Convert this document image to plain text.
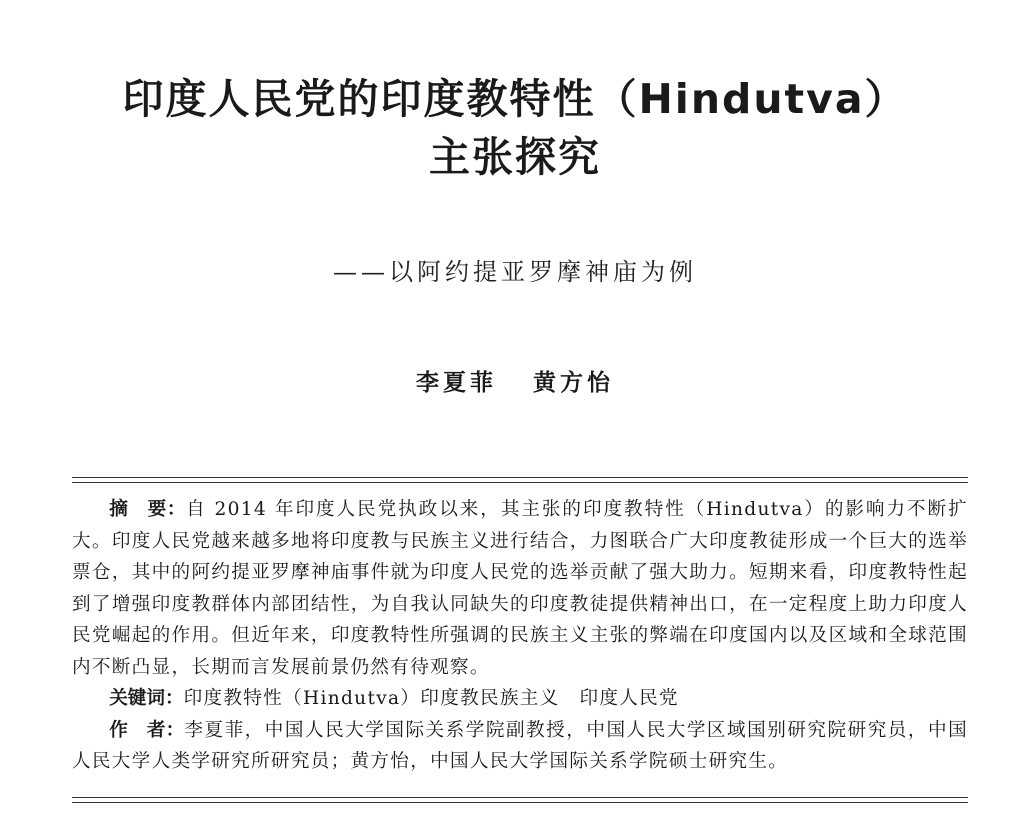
印度人民党的印度教特性（Hindutva）
主张探究
——以阿约提亚罗摩神庙为例
李夏菲 黄方怡

摘　要：自 2014 年印度人民党执政以来，其主张的印度教特性（Hindutva）的影响力不断扩大。印度人民党越来越多地将印度教与民族主义进行结合，力图联合广大印度教徒形成一个巨大的选举票仓，其中的阿约提亚罗摩神庙事件就为印度人民党的选举贡献了强大助力。短期来看，印度教特性起到了增强印度教群体内部团结性，为自我认同缺失的印度教徒提供精神出口，在一定程度上助力印度人民党崛起的作用。但近年来，印度教特性所强调的民族主义主张的弊端在印度国内以及区域和全球范围内不断凸显，长期而言发展前景仍然有待观察。

关键词：印度教特性（Hindutva）印度教民族主义　印度人民党

作　者：李夏菲，中国人民大学国际关系学院副教授，中国人民大学区域国别研究院研究员，中国人民大学人类学研究所研究员；黄方怡，中国人民大学国际关系学院硕士研究生。
